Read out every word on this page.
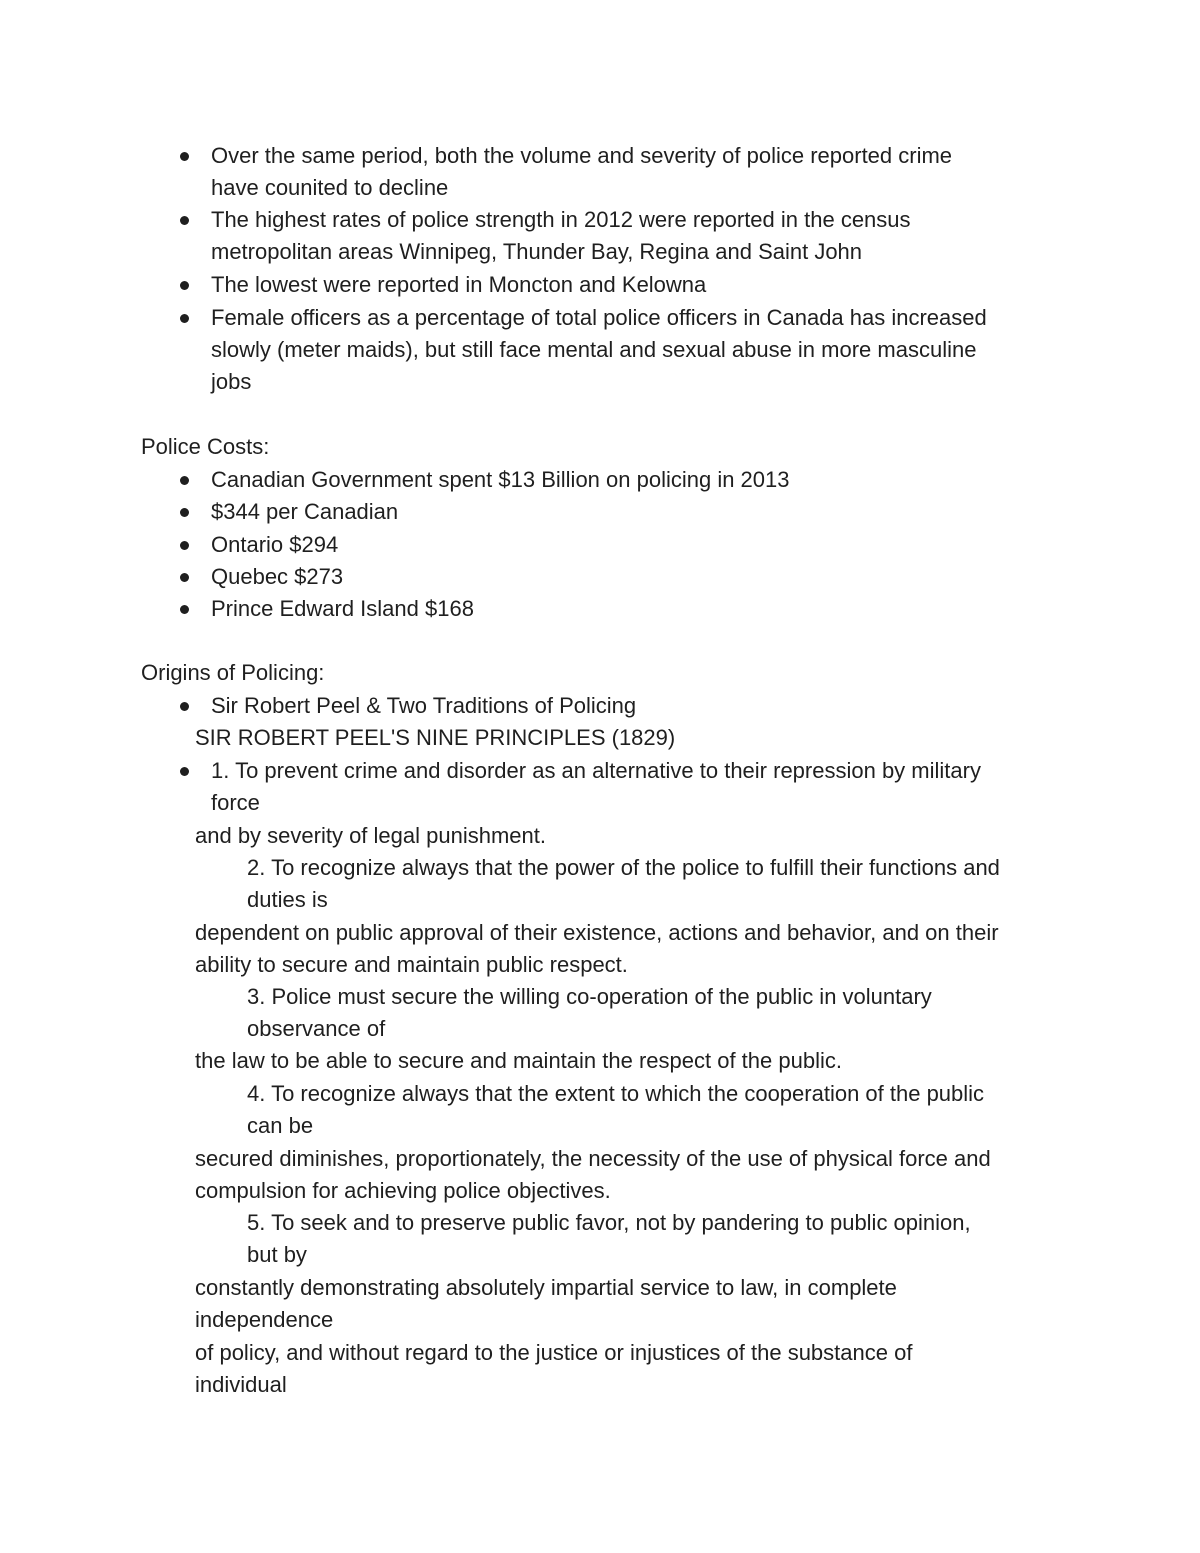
Over the same period, both the volume and severity of police reported crime
have counited to decline
The highest rates of police strength in 2012 were reported in the census
metropolitan areas Winnipeg, Thunder Bay, Regina and Saint John
The lowest were reported in Moncton and Kelowna
Female officers as a percentage of total police officers in Canada has increased
slowly (meter maids), but still face mental and sexual abuse in more masculine
jobs
Police Costs:
Canadian Government spent $13 Billion on policing in 2013
$344 per Canadian
Ontario $294
Quebec $273
Prince Edward Island $168
Origins of Policing:
Sir Robert Peel & Two Traditions of Policing
SIR ROBERT PEEL'S NINE PRINCIPLES (1829)
1. To prevent crime and disorder as an alternative to their repression by military
force
and by severity of legal punishment.
2. To recognize always that the power of the police to fulfill their functions and
duties is
dependent on public approval of their existence, actions and behavior, and on their
ability to secure and maintain public respect.
3. Police must secure the willing co-operation of the public in voluntary
observance of
the law to be able to secure and maintain the respect of the public.
4. To recognize always that the extent to which the cooperation of the public
can be
secured diminishes, proportionately, the necessity of the use of physical force and
compulsion for achieving police objectives.
5. To seek and to preserve public favor, not by pandering to public opinion,
but by
constantly demonstrating absolutely impartial service to law, in complete
independence
of policy, and without regard to the justice or injustices of the substance of
individual
